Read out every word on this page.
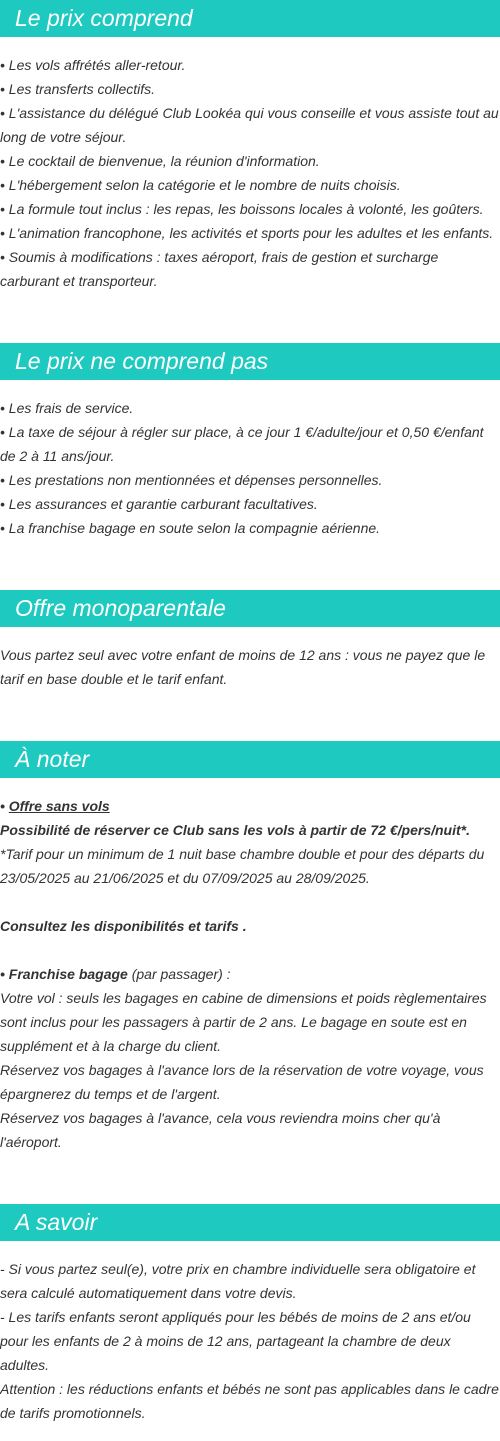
Le prix comprend
• Les vols affrétés aller-retour.
• Les transferts collectifs.
• L'assistance du délégué Club Lookéa qui vous conseille et vous assiste tout au long de votre séjour.
• Le cocktail de bienvenue, la réunion d'information.
• L'hébergement selon la catégorie et le nombre de nuits choisis.
• La formule tout inclus : les repas, les boissons locales à volonté, les goûters.
• L'animation francophone, les activités et sports pour les adultes et les enfants.
• Soumis à modifications : taxes aéroport, frais de gestion et surcharge carburant et transporteur.
Le prix ne comprend pas
• Les frais de service.
• La taxe de séjour à régler sur place, à ce jour 1 €/adulte/jour et 0,50 €/enfant de 2 à 11 ans/jour.
• Les prestations non mentionnées et dépenses personnelles.
• Les assurances et garantie carburant facultatives.
• La franchise bagage en soute selon la compagnie aérienne.
Offre monoparentale
Vous partez seul avec votre enfant de moins de 12 ans : vous ne payez que le tarif en base double et le tarif enfant.
À noter
• Offre sans vols
Possibilité de réserver ce Club sans les vols à partir de 72 €/pers/nuit*.
*Tarif pour un minimum de 1 nuit base chambre double et pour des départs du 23/05/2025 au 21/06/2025 et du 07/09/2025 au 28/09/2025.
Consultez les disponibilités et tarifs .
• Franchise bagage (par passager) :
Votre vol : seuls les bagages en cabine de dimensions et poids règlementaires sont inclus pour les passagers à partir de 2 ans. Le bagage en soute est en supplément et à la charge du client.
Réservez vos bagages à l'avance lors de la réservation de votre voyage, vous épargnerez du temps et de l'argent.
Réservez vos bagages à l'avance, cela vous reviendra moins cher qu'à l'aéroport.
A savoir
- Si vous partez seul(e), votre prix en chambre individuelle sera obligatoire et sera calculé automatiquement dans votre devis.
- Les tarifs enfants seront appliqués pour les bébés de moins de 2 ans et/ou pour les enfants de 2 à moins de 12 ans, partageant la chambre de deux adultes.
Attention : les réductions enfants et bébés ne sont pas applicables dans le cadre de tarifs promotionnels.
